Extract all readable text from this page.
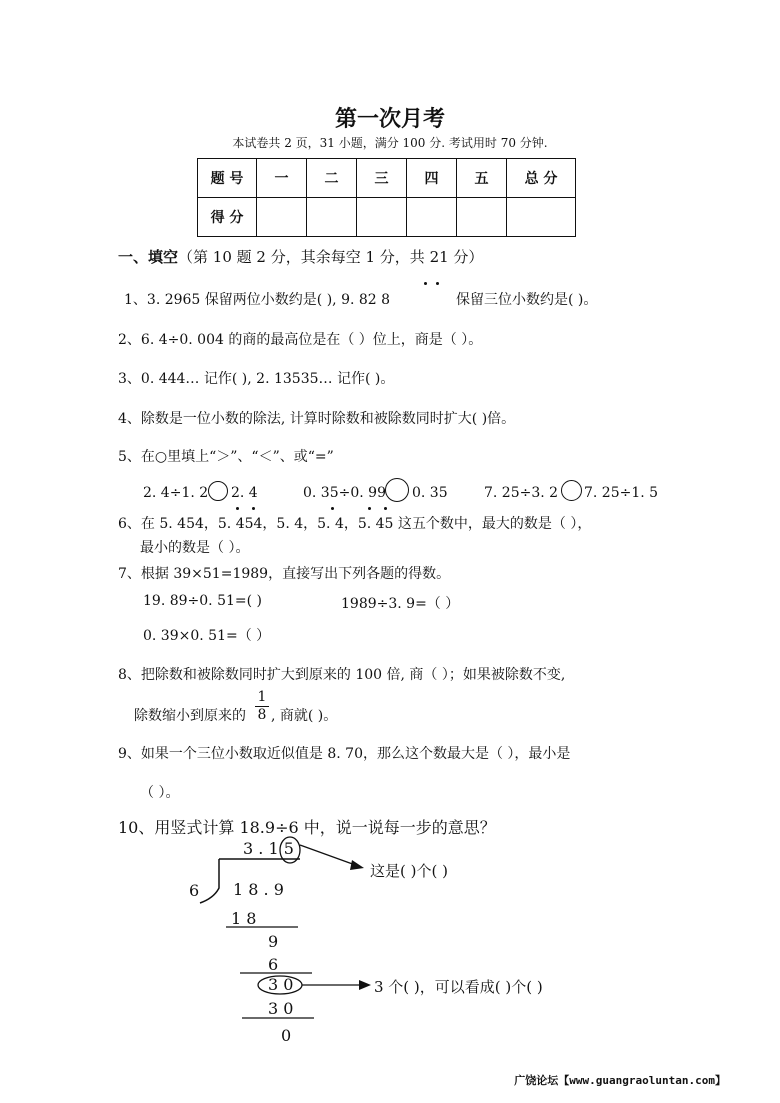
第一次月考
本试卷共 2 页，31 小题，满分 100 分. 考试用时 70 分钟.
题 号	一	二	三	四	五	总 分
得 分						
一、填空（第 10 题 2 分，其余每空 1 分，共 21 分）
1、3. 2965 保留两位小数约是( ), 9. 82 8	保留三位小数约是( )。
2、6. 4÷0. 004 的商的最高位是在（ ）位上，商是（ ）。
3、0. 444… 记作( ), 2. 13535… 记作( )。
4、除数是一位小数的除法, 计算时除数和被除数同时扩大( )倍。
5、在○里填上“＞”、“＜”、或“=”
2. 4÷1. 2 2. 4	0. 35÷0. 99 0. 35	7. 25÷3. 2 7. 25÷1. 5
6、在 5. 454，5. 454，5. 4，5. 4，5. 45 这五个数中，最大的数是（ ），
最小的数是（ ）。
7、根据 39×51=1989，直接写出下列各题的得数。
19. 89÷0. 51=( )	1989÷3. 9=（ ）
0. 39×0. 51=（ ）
8、把除数和被除数同时扩大到原来的 100 倍, 商（ ）；如果被除数不变,
除数缩小到原来的 $\frac{1}{8}$ , 商就( )。
9、如果一个三位小数取近似值是 8. 70，那么这个数最大是（ ），最小是
（ ）。
10、用竖式计算 18.9÷6 中，说一说每一步的意思？
3 . 1 5
6 1 8 . 9
1 8
9
6
3 0
3 0
0
这是( )个( )
3 个( )，可以看成( )个( )
广饶论坛【www.guangraoluntan.com】
